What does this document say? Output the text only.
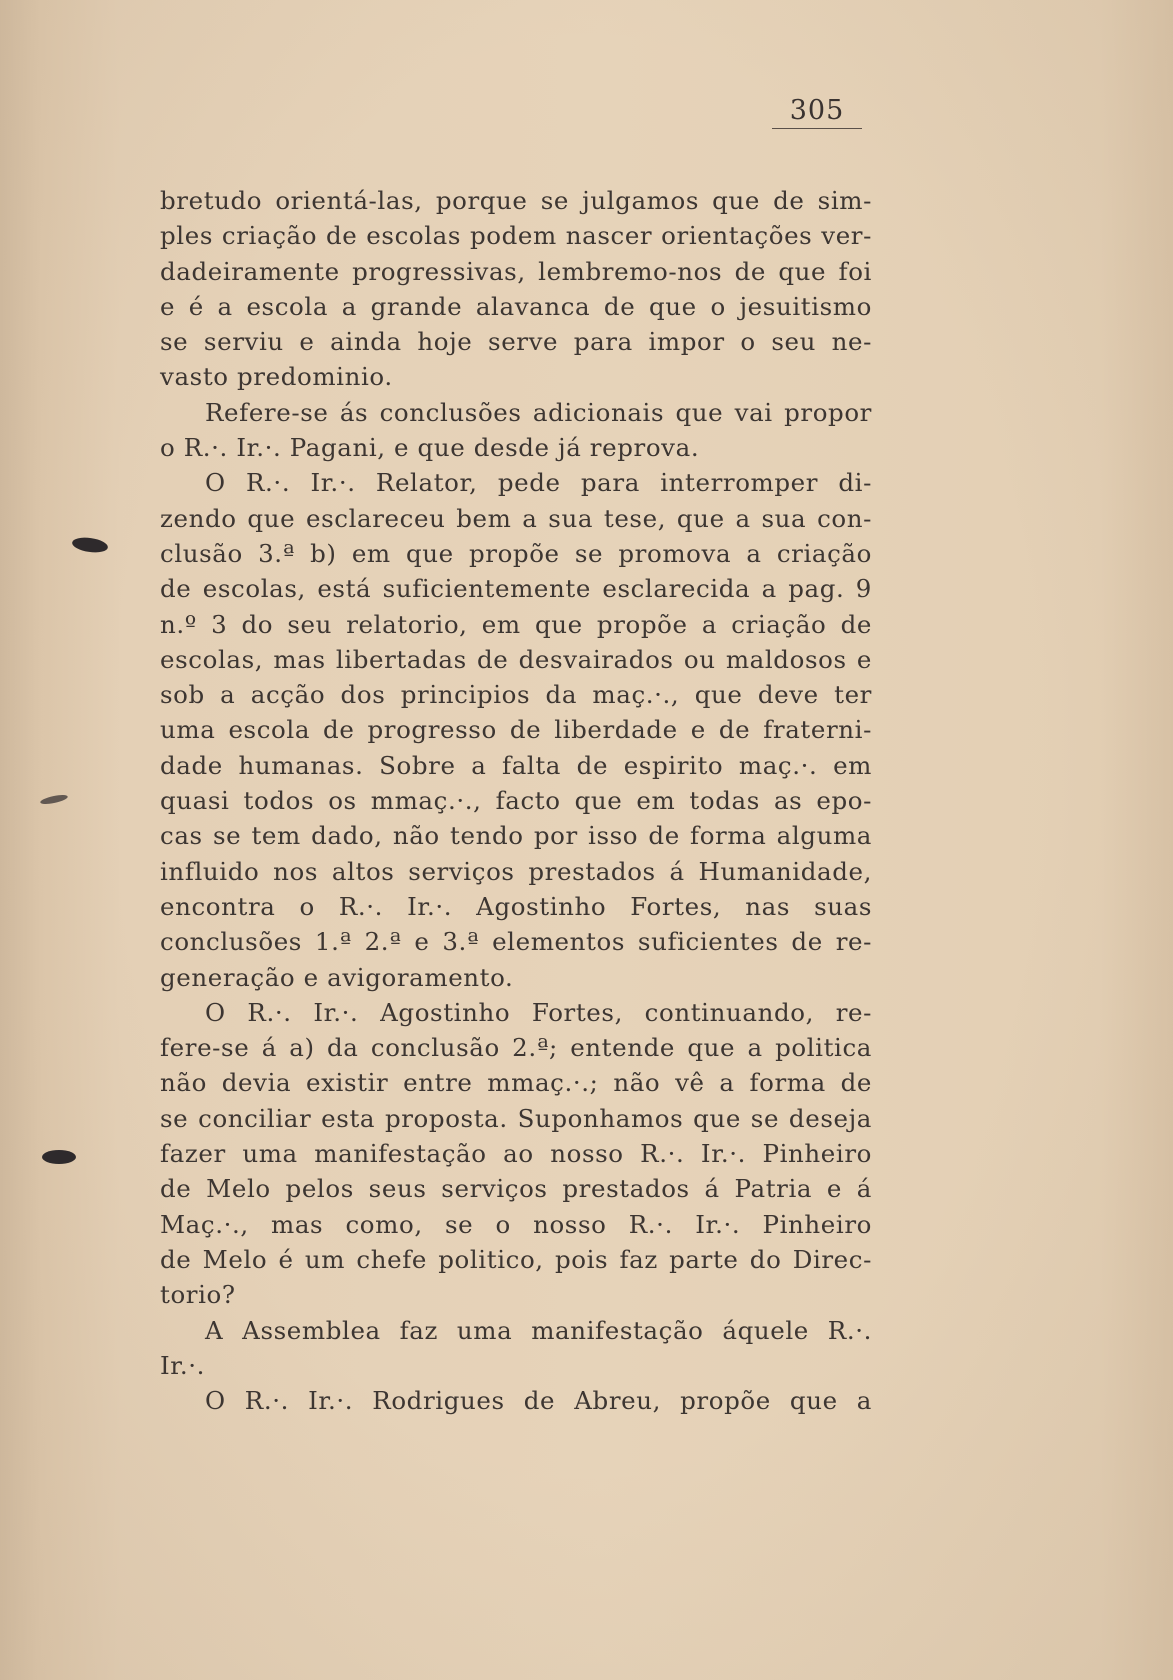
305
bretudo orientá-las, porque se julgamos que de sim-
ples criação de escolas podem nascer orientações ver-
dadeiramente progressivas, lembremo-nos de que foi
e é a escola a grande alavanca de que o jesuitismo
se serviu e ainda hoje serve para impor o seu ne-
vasto predominio.
Refere-se ás conclusões adicionais que vai propor
o R.·. Ir.·. Pagani, e que desde já reprova.
O R.·. Ir.·. Relator, pede para interromper di-
zendo que esclareceu bem a sua tese, que a sua con-
clusão 3.ª b) em que propõe se promova a criação
de escolas, está suficientemente esclarecida a pag. 9
n.º 3 do seu relatorio, em que propõe a criação de
escolas, mas libertadas de desvairados ou maldosos e
sob a acção dos principios da maç.·., que deve ter
uma escola de progresso de liberdade e de fraterni-
dade humanas. Sobre a falta de espirito maç.·. em
quasi todos os mmaç.·., facto que em todas as epo-
cas se tem dado, não tendo por isso de forma alguma
influido nos altos serviços prestados á Humanidade,
encontra o R.·. Ir.·. Agostinho Fortes, nas suas
conclusões 1.ª 2.ª e 3.ª elementos suficientes de re-
generação e avigoramento.
O R.·. Ir.·. Agostinho Fortes, continuando, re-
fere-se á a) da conclusão 2.ª; entende que a politica
não devia existir entre mmaç.·.; não vê a forma de
se conciliar esta proposta. Suponhamos que se deseja
fazer uma manifestação ao nosso R.·. Ir.·. Pinheiro
de Melo pelos seus serviços prestados á Patria e á
Maç.·., mas como, se o nosso R.·. Ir.·. Pinheiro
de Melo é um chefe politico, pois faz parte do Direc-
torio?
A Assemblea faz uma manifestação áquele R.·.
Ir.·.
O R.·. Ir.·. Rodrigues de Abreu, propõe que a
